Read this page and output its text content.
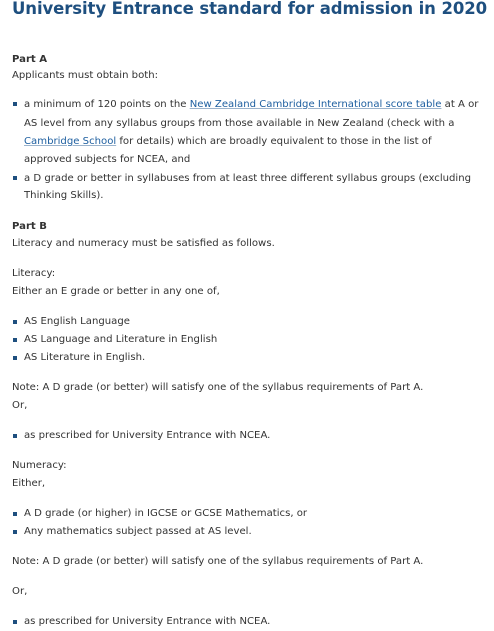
University Entrance standard for admission in 2020
Part A
Applicants must obtain both:
a minimum of 120 points on the New Zealand Cambridge International score table at A or
AS level from any syllabus groups from those available in New Zealand (check with a
Cambridge School for details) which are broadly equivalent to those in the list of
approved subjects for NCEA, and
a D grade or better in syllabuses from at least three different syllabus groups (excluding
Thinking Skills).
Part B
Literacy and numeracy must be satisfied as follows.
Literacy:
Either an E grade or better in any one of,
AS English Language
AS Language and Literature in English
AS Literature in English.
Note: A D grade (or better) will satisfy one of the syllabus requirements of Part A.
Or,
as prescribed for University Entrance with NCEA.
Numeracy:
Either,
A D grade (or higher) in IGCSE or GCSE Mathematics, or
Any mathematics subject passed at AS level.
Note: A D grade (or better) will satisfy one of the syllabus requirements of Part A.
Or,
as prescribed for University Entrance with NCEA.
